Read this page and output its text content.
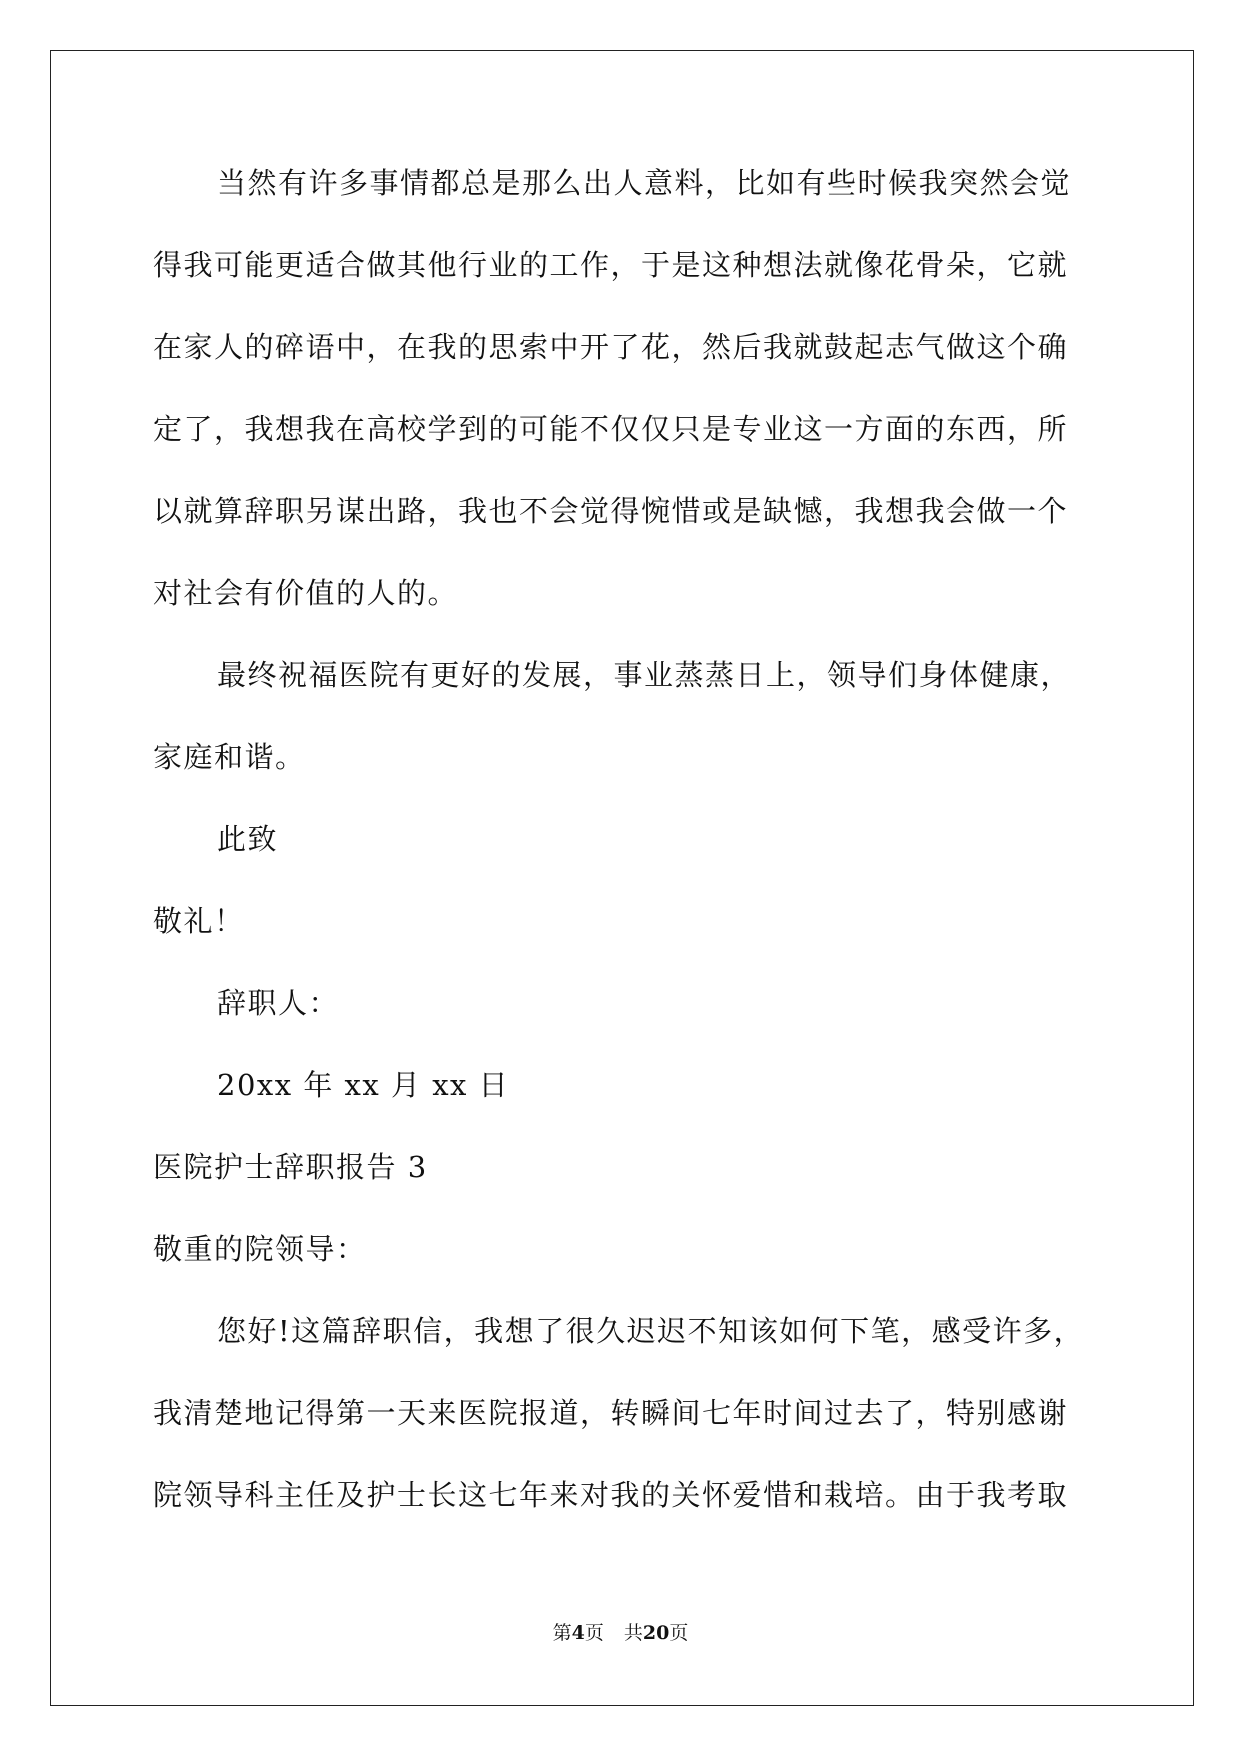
当然有许多事情都总是那么出人意料，比如有些时候我突然会觉
得我可能更适合做其他行业的工作，于是这种想法就像花骨朵，它就
在家人的碎语中，在我的思索中开了花，然后我就鼓起志气做这个确
定了，我想我在高校学到的可能不仅仅只是专业这一方面的东西，所
以就算辞职另谋出路，我也不会觉得惋惜或是缺憾，我想我会做一个
对社会有价值的人的。
最终祝福医院有更好的发展，事业蒸蒸日上，领导们身体健康，
家庭和谐。
此致
敬礼！
辞职人：
20xx 年 xx 月 xx 日
医院护士辞职报告 3
敬重的院领导：
您好!这篇辞职信，我想了很久迟迟不知该如何下笔，感受许多，
我清楚地记得第一天来医院报道，转瞬间七年时间过去了，特别感谢
院领导科主任及护士长这七年来对我的关怀爱惜和栽培。由于我考取
第4页 共20页
